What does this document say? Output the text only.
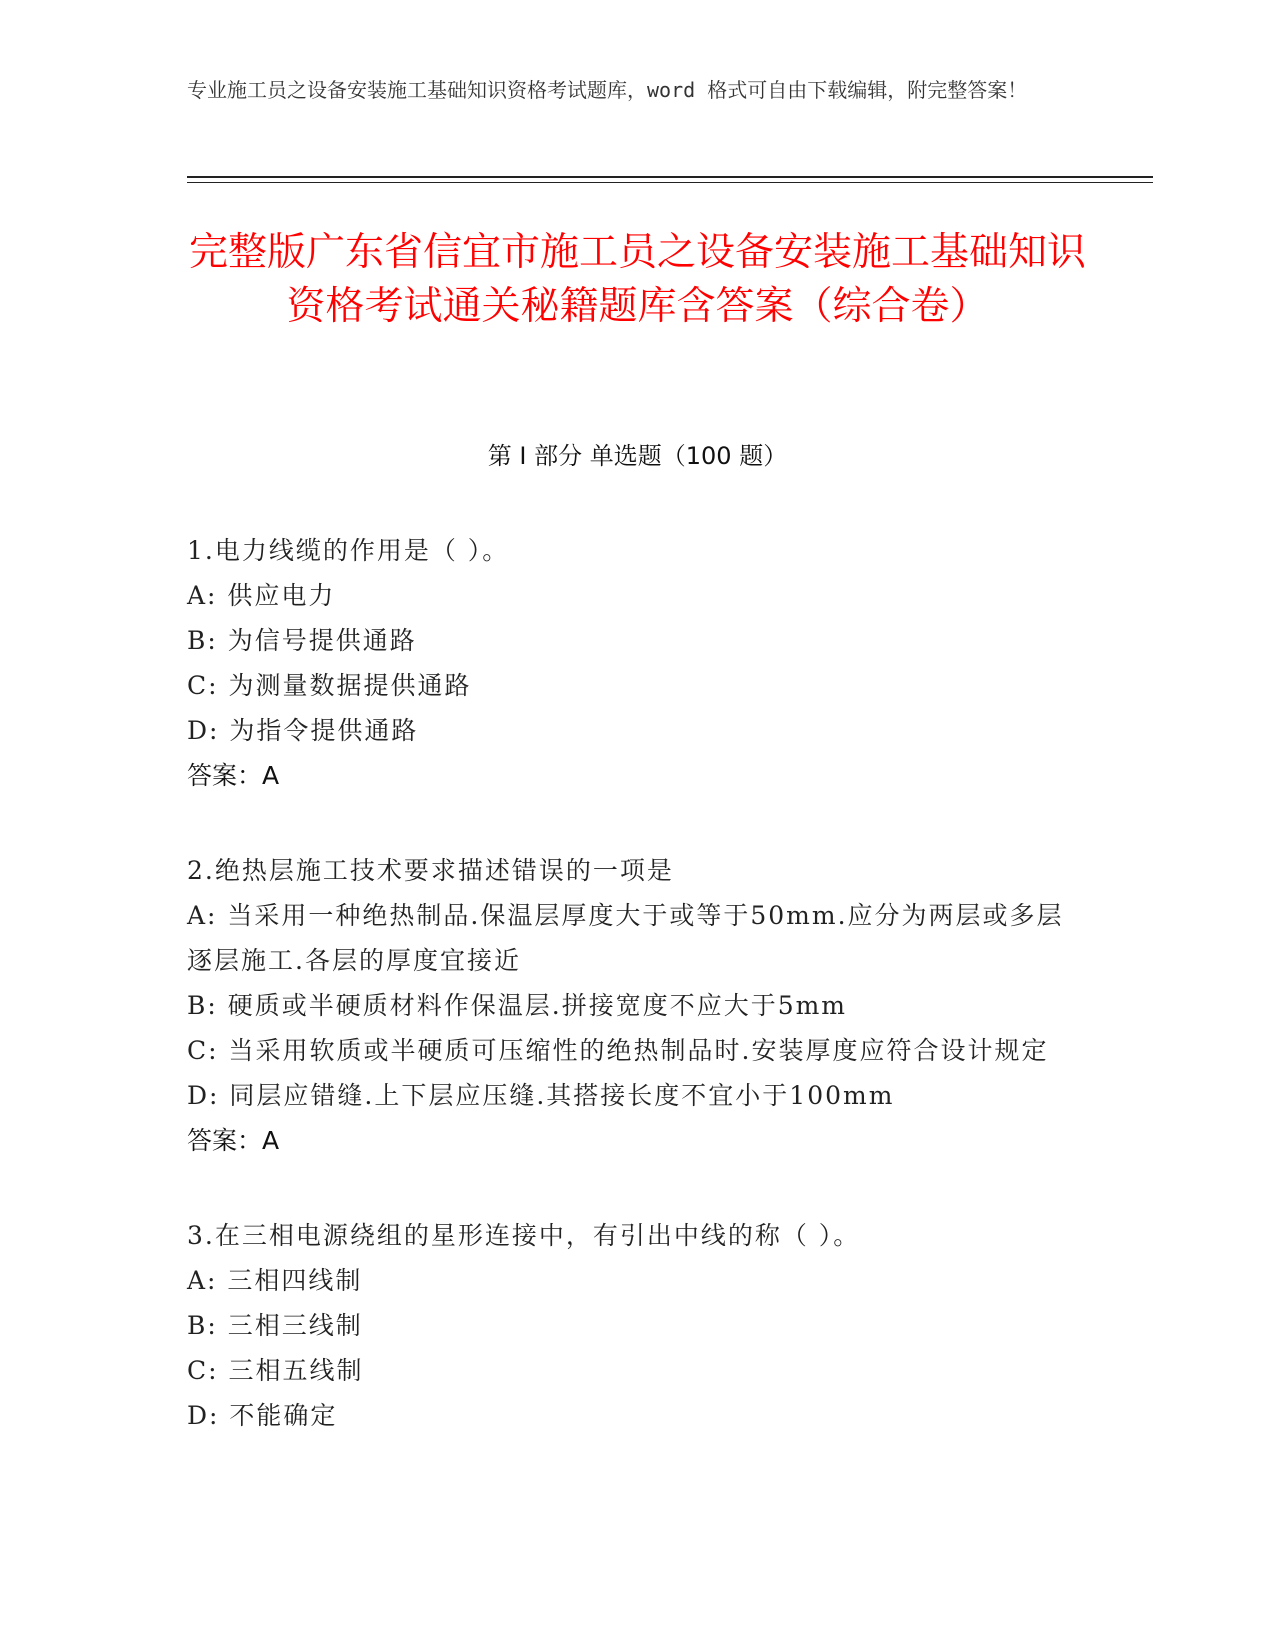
专业施工员之设备安装施工基础知识资格考试题库，word 格式可自由下载编辑，附完整答案！
完整版广东省信宜市施工员之设备安装施工基础知识资格考试通关秘籍题库含答案（综合卷）
第 I 部分 单选题（100 题）
1.电力线缆的作用是（ ）。
A: 供应电力
B: 为信号提供通路
C: 为测量数据提供通路
D: 为指令提供通路
答案：A
2.绝热层施工技术要求描述错误的一项是
A: 当采用一种绝热制品.保温层厚度大于或等于50mm.应分为两层或多层逐层施工.各层的厚度宜接近
B: 硬质或半硬质材料作保温层.拼接宽度不应大于5mm
C: 当采用软质或半硬质可压缩性的绝热制品时.安装厚度应符合设计规定
D: 同层应错缝.上下层应压缝.其搭接长度不宜小于100mm
答案：A
3.在三相电源绕组的星形连接中，有引出中线的称（ ）。
A: 三相四线制
B: 三相三线制
C: 三相五线制
D: 不能确定
